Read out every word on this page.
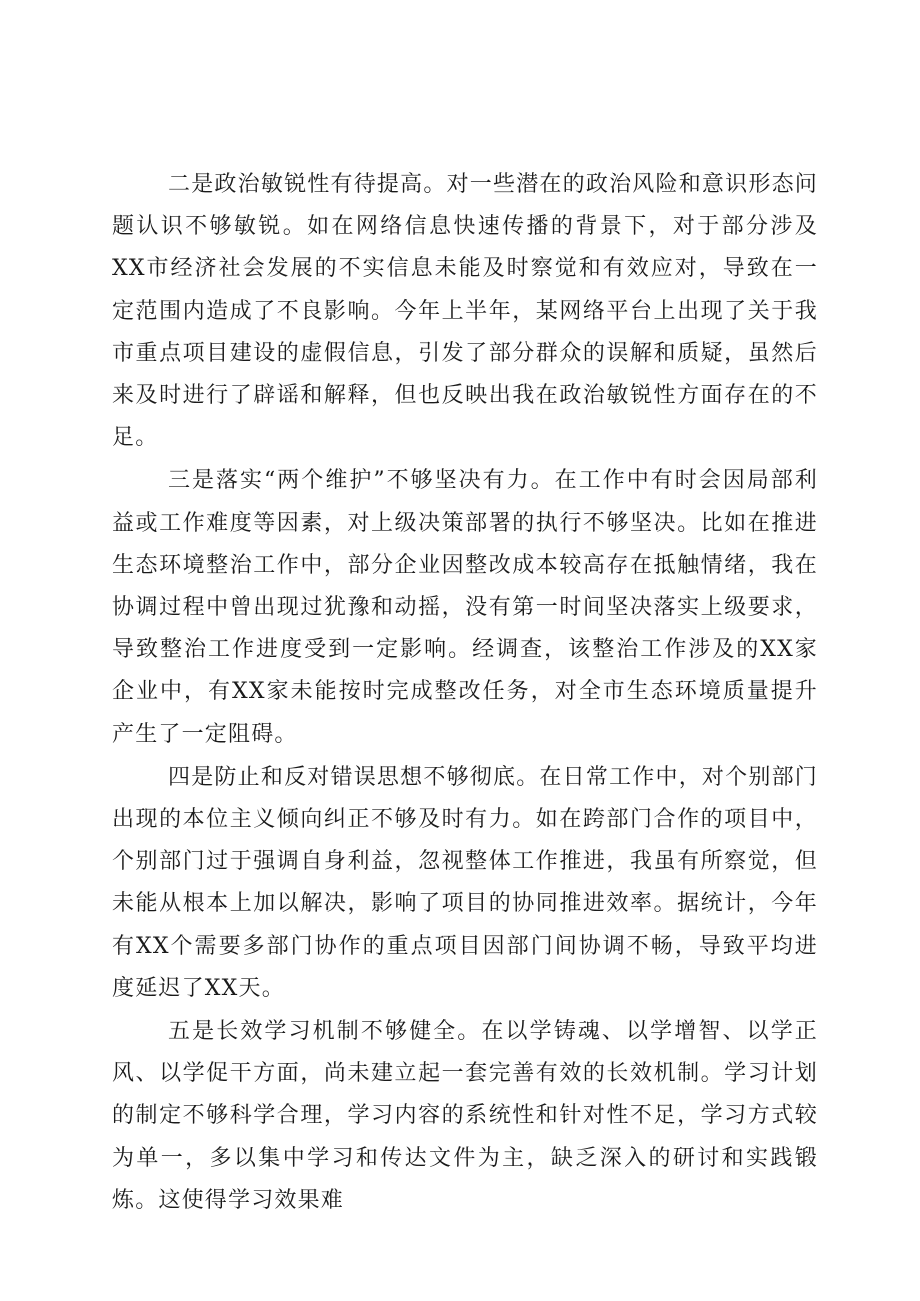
二是政治敏锐性有待提高。对一些潜在的政治风险和意识形态问题认识不够敏锐。如在网络信息快速传播的背景下，对于部分涉及XX市经济社会发展的不实信息未能及时察觉和有效应对，导致在一定范围内造成了不良影响。今年上半年，某网络平台上出现了关于我市重点项目建设的虚假信息，引发了部分群众的误解和质疑，虽然后来及时进行了辟谣和解释，但也反映出我在政治敏锐性方面存在的不足。

三是落实“两个维护”不够坚决有力。在工作中有时会因局部利益或工作难度等因素，对上级决策部署的执行不够坚决。比如在推进生态环境整治工作中，部分企业因整改成本较高存在抵触情绪，我在协调过程中曾出现过犹豫和动摇，没有第一时间坚决落实上级要求，导致整治工作进度受到一定影响。经调查，该整治工作涉及的XX家企业中，有XX家未能按时完成整改任务，对全市生态环境质量提升产生了一定阻碍。

四是防止和反对错误思想不够彻底。在日常工作中，对个别部门出现的本位主义倾向纠正不够及时有力。如在跨部门合作的项目中，个别部门过于强调自身利益，忽视整体工作推进，我虽有所察觉，但未能从根本上加以解决，影响了项目的协同推进效率。据统计，今年有XX个需要多部门协作的重点项目因部门间协调不畅，导致平均进度延迟了XX天。

五是长效学习机制不够健全。在以学铸魂、以学增智、以学正风、以学促干方面，尚未建立起一套完善有效的长效机制。学习计划的制定不够科学合理，学习内容的系统性和针对性不足，学习方式较为单一，多以集中学习和传达文件为主，缺乏深入的研讨和实践锻炼。这使得学习效果难
